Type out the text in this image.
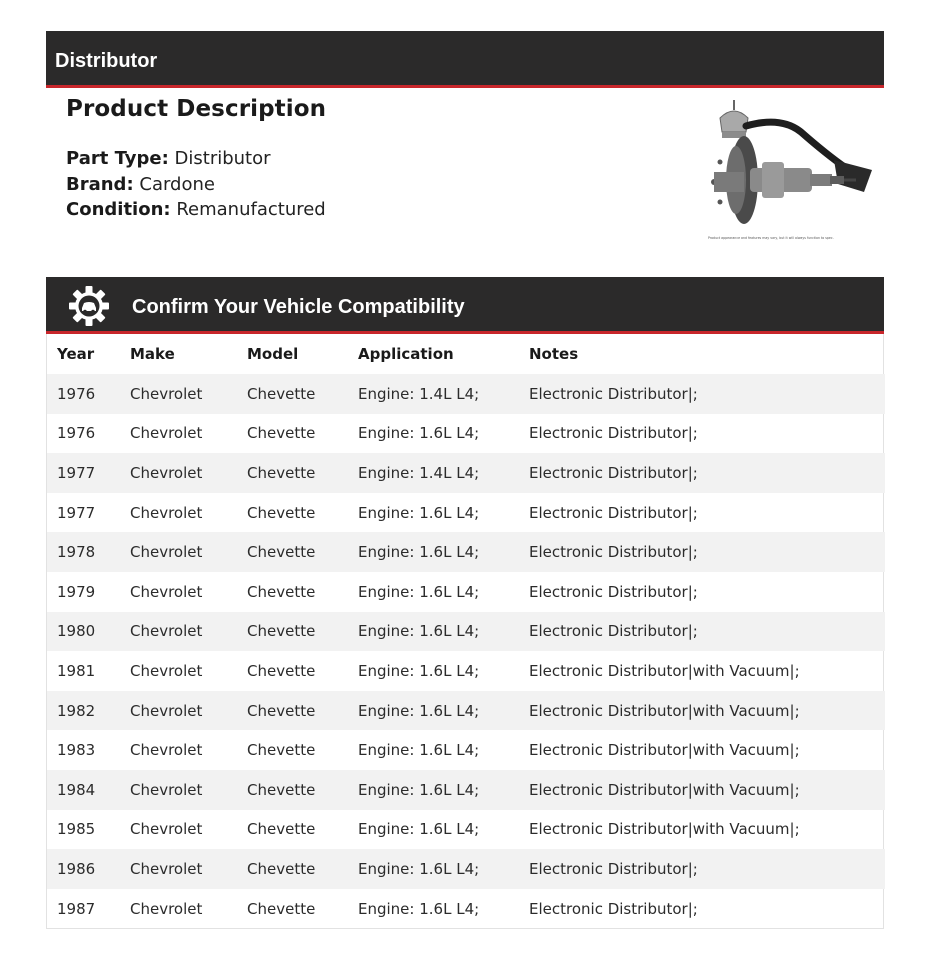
Distributor
Product Description
Part Type: Distributor
Brand: Cardone
Condition: Remanufactured
Product appearance and features may vary, but it will always function to spec.
Confirm Your Vehicle Compatibility
Year	Make	Model	Application	Notes
1976	Chevrolet	Chevette	Engine: 1.4L L4;	Electronic Distributor|;
1976	Chevrolet	Chevette	Engine: 1.6L L4;	Electronic Distributor|;
1977	Chevrolet	Chevette	Engine: 1.4L L4;	Electronic Distributor|;
1977	Chevrolet	Chevette	Engine: 1.6L L4;	Electronic Distributor|;
1978	Chevrolet	Chevette	Engine: 1.6L L4;	Electronic Distributor|;
1979	Chevrolet	Chevette	Engine: 1.6L L4;	Electronic Distributor|;
1980	Chevrolet	Chevette	Engine: 1.6L L4;	Electronic Distributor|;
1981	Chevrolet	Chevette	Engine: 1.6L L4;	Electronic Distributor|with Vacuum|;
1982	Chevrolet	Chevette	Engine: 1.6L L4;	Electronic Distributor|with Vacuum|;
1983	Chevrolet	Chevette	Engine: 1.6L L4;	Electronic Distributor|with Vacuum|;
1984	Chevrolet	Chevette	Engine: 1.6L L4;	Electronic Distributor|with Vacuum|;
1985	Chevrolet	Chevette	Engine: 1.6L L4;	Electronic Distributor|with Vacuum|;
1986	Chevrolet	Chevette	Engine: 1.6L L4;	Electronic Distributor|;
1987	Chevrolet	Chevette	Engine: 1.6L L4;	Electronic Distributor|;
